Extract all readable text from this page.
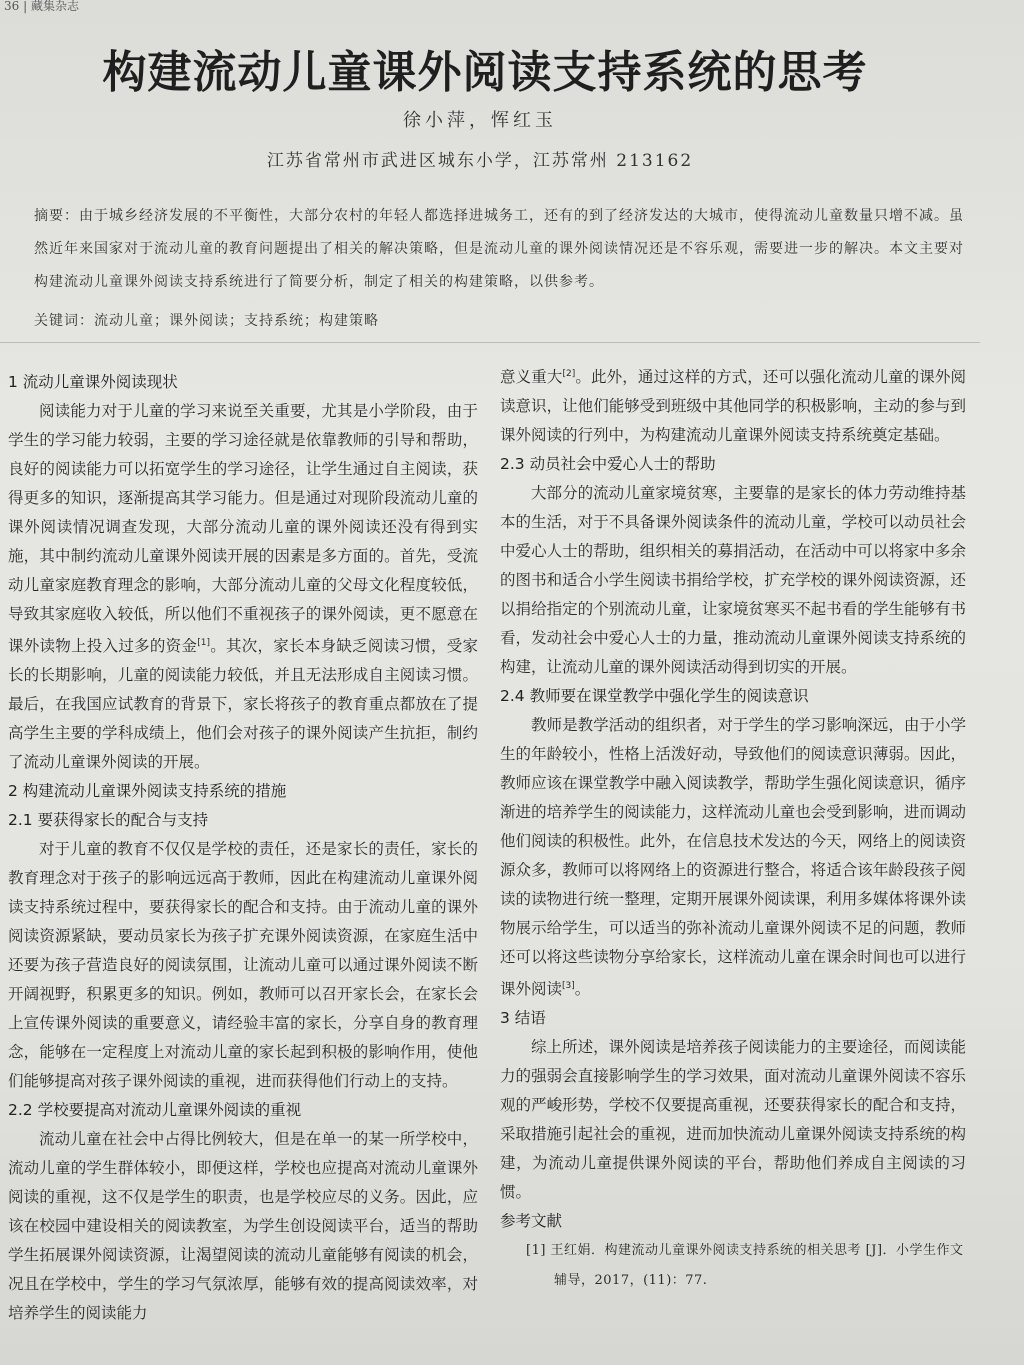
36 | 藏集杂志
构建流动儿童课外阅读支持系统的思考
徐小萍，恽红玉
江苏省常州市武进区城东小学，江苏常州 213162
摘要：由于城乡经济发展的不平衡性，大部分农村的年轻人都选择进城务工，还有的到了经济发达的大城市，使得流动儿童数量只增不减。虽然近年来国家对于流动儿童的教育问题提出了相关的解决策略，但是流动儿童的课外阅读情况还是不容乐观，需要进一步的解决。本文主要对构建流动儿童课外阅读支持系统进行了简要分析，制定了相关的构建策略，以供参考。
关键词：流动儿童；课外阅读；支持系统；构建策略
1 流动儿童课外阅读现状

阅读能力对于儿童的学习来说至关重要，尤其是小学阶段，由于学生的学习能力较弱，主要的学习途径就是依靠教师的引导和帮助，良好的阅读能力可以拓宽学生的学习途径，让学生通过自主阅读，获得更多的知识，逐渐提高其学习能力。但是通过对现阶段流动儿童的课外阅读情况调查发现，大部分流动儿童的课外阅读还没有得到实施，其中制约流动儿童课外阅读开展的因素是多方面的。首先，受流动儿童家庭教育理念的影响，大部分流动儿童的父母文化程度较低，导致其家庭收入较低，所以他们不重视孩子的课外阅读，更不愿意在课外读物上投入过多的资金[1]。其次，家长本身缺乏阅读习惯，受家长的长期影响，儿童的阅读能力较低，并且无法形成自主阅读习惯。最后，在我国应试教育的背景下，家长将孩子的教育重点都放在了提高学生主要的学科成绩上，他们会对孩子的课外阅读产生抗拒，制约了流动儿童课外阅读的开展。

2 构建流动儿童课外阅读支持系统的措施
2.1 要获得家长的配合与支持

对于儿童的教育不仅仅是学校的责任，还是家长的责任，家长的教育理念对于孩子的影响远远高于教师，因此在构建流动儿童课外阅读支持系统过程中，要获得家长的配合和支持。由于流动儿童的课外阅读资源紧缺，要动员家长为孩子扩充课外阅读资源，在家庭生活中还要为孩子营造良好的阅读氛围，让流动儿童可以通过课外阅读不断开阔视野，积累更多的知识。例如，教师可以召开家长会，在家长会上宣传课外阅读的重要意义，请经验丰富的家长，分享自身的教育理念，能够在一定程度上对流动儿童的家长起到积极的影响作用，使他们能够提高对孩子课外阅读的重视，进而获得他们行动上的支持。

2.2 学校要提高对流动儿童课外阅读的重视

流动儿童在社会中占得比例较大，但是在单一的某一所学校中，流动儿童的学生群体较小，即便这样，学校也应提高对流动儿童课外阅读的重视，这不仅是学生的职责，也是学校应尽的义务。因此，应该在校园中建设相关的阅读教室，为学生创设阅读平台，适当的帮助学生拓展课外阅读资源，让渴望阅读的流动儿童能够有阅读的机会，况且在学校中，学生的学习气氛浓厚，能够有效的提高阅读效率，对培养学生的阅读能力

意义重大[2]。此外，通过这样的方式，还可以强化流动儿童的课外阅读意识，让他们能够受到班级中其他同学的积极影响，主动的参与到课外阅读的行列中，为构建流动儿童课外阅读支持系统奠定基础。

2.3 动员社会中爱心人士的帮助

大部分的流动儿童家境贫寒，主要靠的是家长的体力劳动维持基本的生活，对于不具备课外阅读条件的流动儿童，学校可以动员社会中爱心人士的帮助，组织相关的募捐活动，在活动中可以将家中多余的图书和适合小学生阅读书捐给学校，扩充学校的课外阅读资源，还以捐给指定的个别流动儿童，让家境贫寒买不起书看的学生能够有书看，发动社会中爱心人士的力量，推动流动儿童课外阅读支持系统的构建，让流动儿童的课外阅读活动得到切实的开展。

2.4 教师要在课堂教学中强化学生的阅读意识

教师是教学活动的组织者，对于学生的学习影响深远，由于小学生的年龄较小，性格上活泼好动，导致他们的阅读意识薄弱。因此，教师应该在课堂教学中融入阅读教学，帮助学生强化阅读意识，循序渐进的培养学生的阅读能力，这样流动儿童也会受到影响，进而调动他们阅读的积极性。此外，在信息技术发达的今天，网络上的阅读资源众多，教师可以将网络上的资源进行整合，将适合该年龄段孩子阅读的读物进行统一整理，定期开展课外阅读课，利用多媒体将课外读物展示给学生，可以适当的弥补流动儿童课外阅读不足的问题，教师还可以将这些读物分享给家长，这样流动儿童在课余时间也可以进行课外阅读[3]。

3 结语

综上所述，课外阅读是培养孩子阅读能力的主要途径，而阅读能力的强弱会直接影响学生的学习效果，面对流动儿童课外阅读不容乐观的严峻形势，学校不仅要提高重视，还要获得家长的配合和支持，采取措施引起社会的重视，进而加快流动儿童课外阅读支持系统的构建，为流动儿童提供课外阅读的平台，帮助他们养成自主阅读的习惯。

参考文献

[1] 王红娟．构建流动儿童课外阅读支持系统的相关思考 [J]．小学生作文

辅导，2017，(11)：77.
